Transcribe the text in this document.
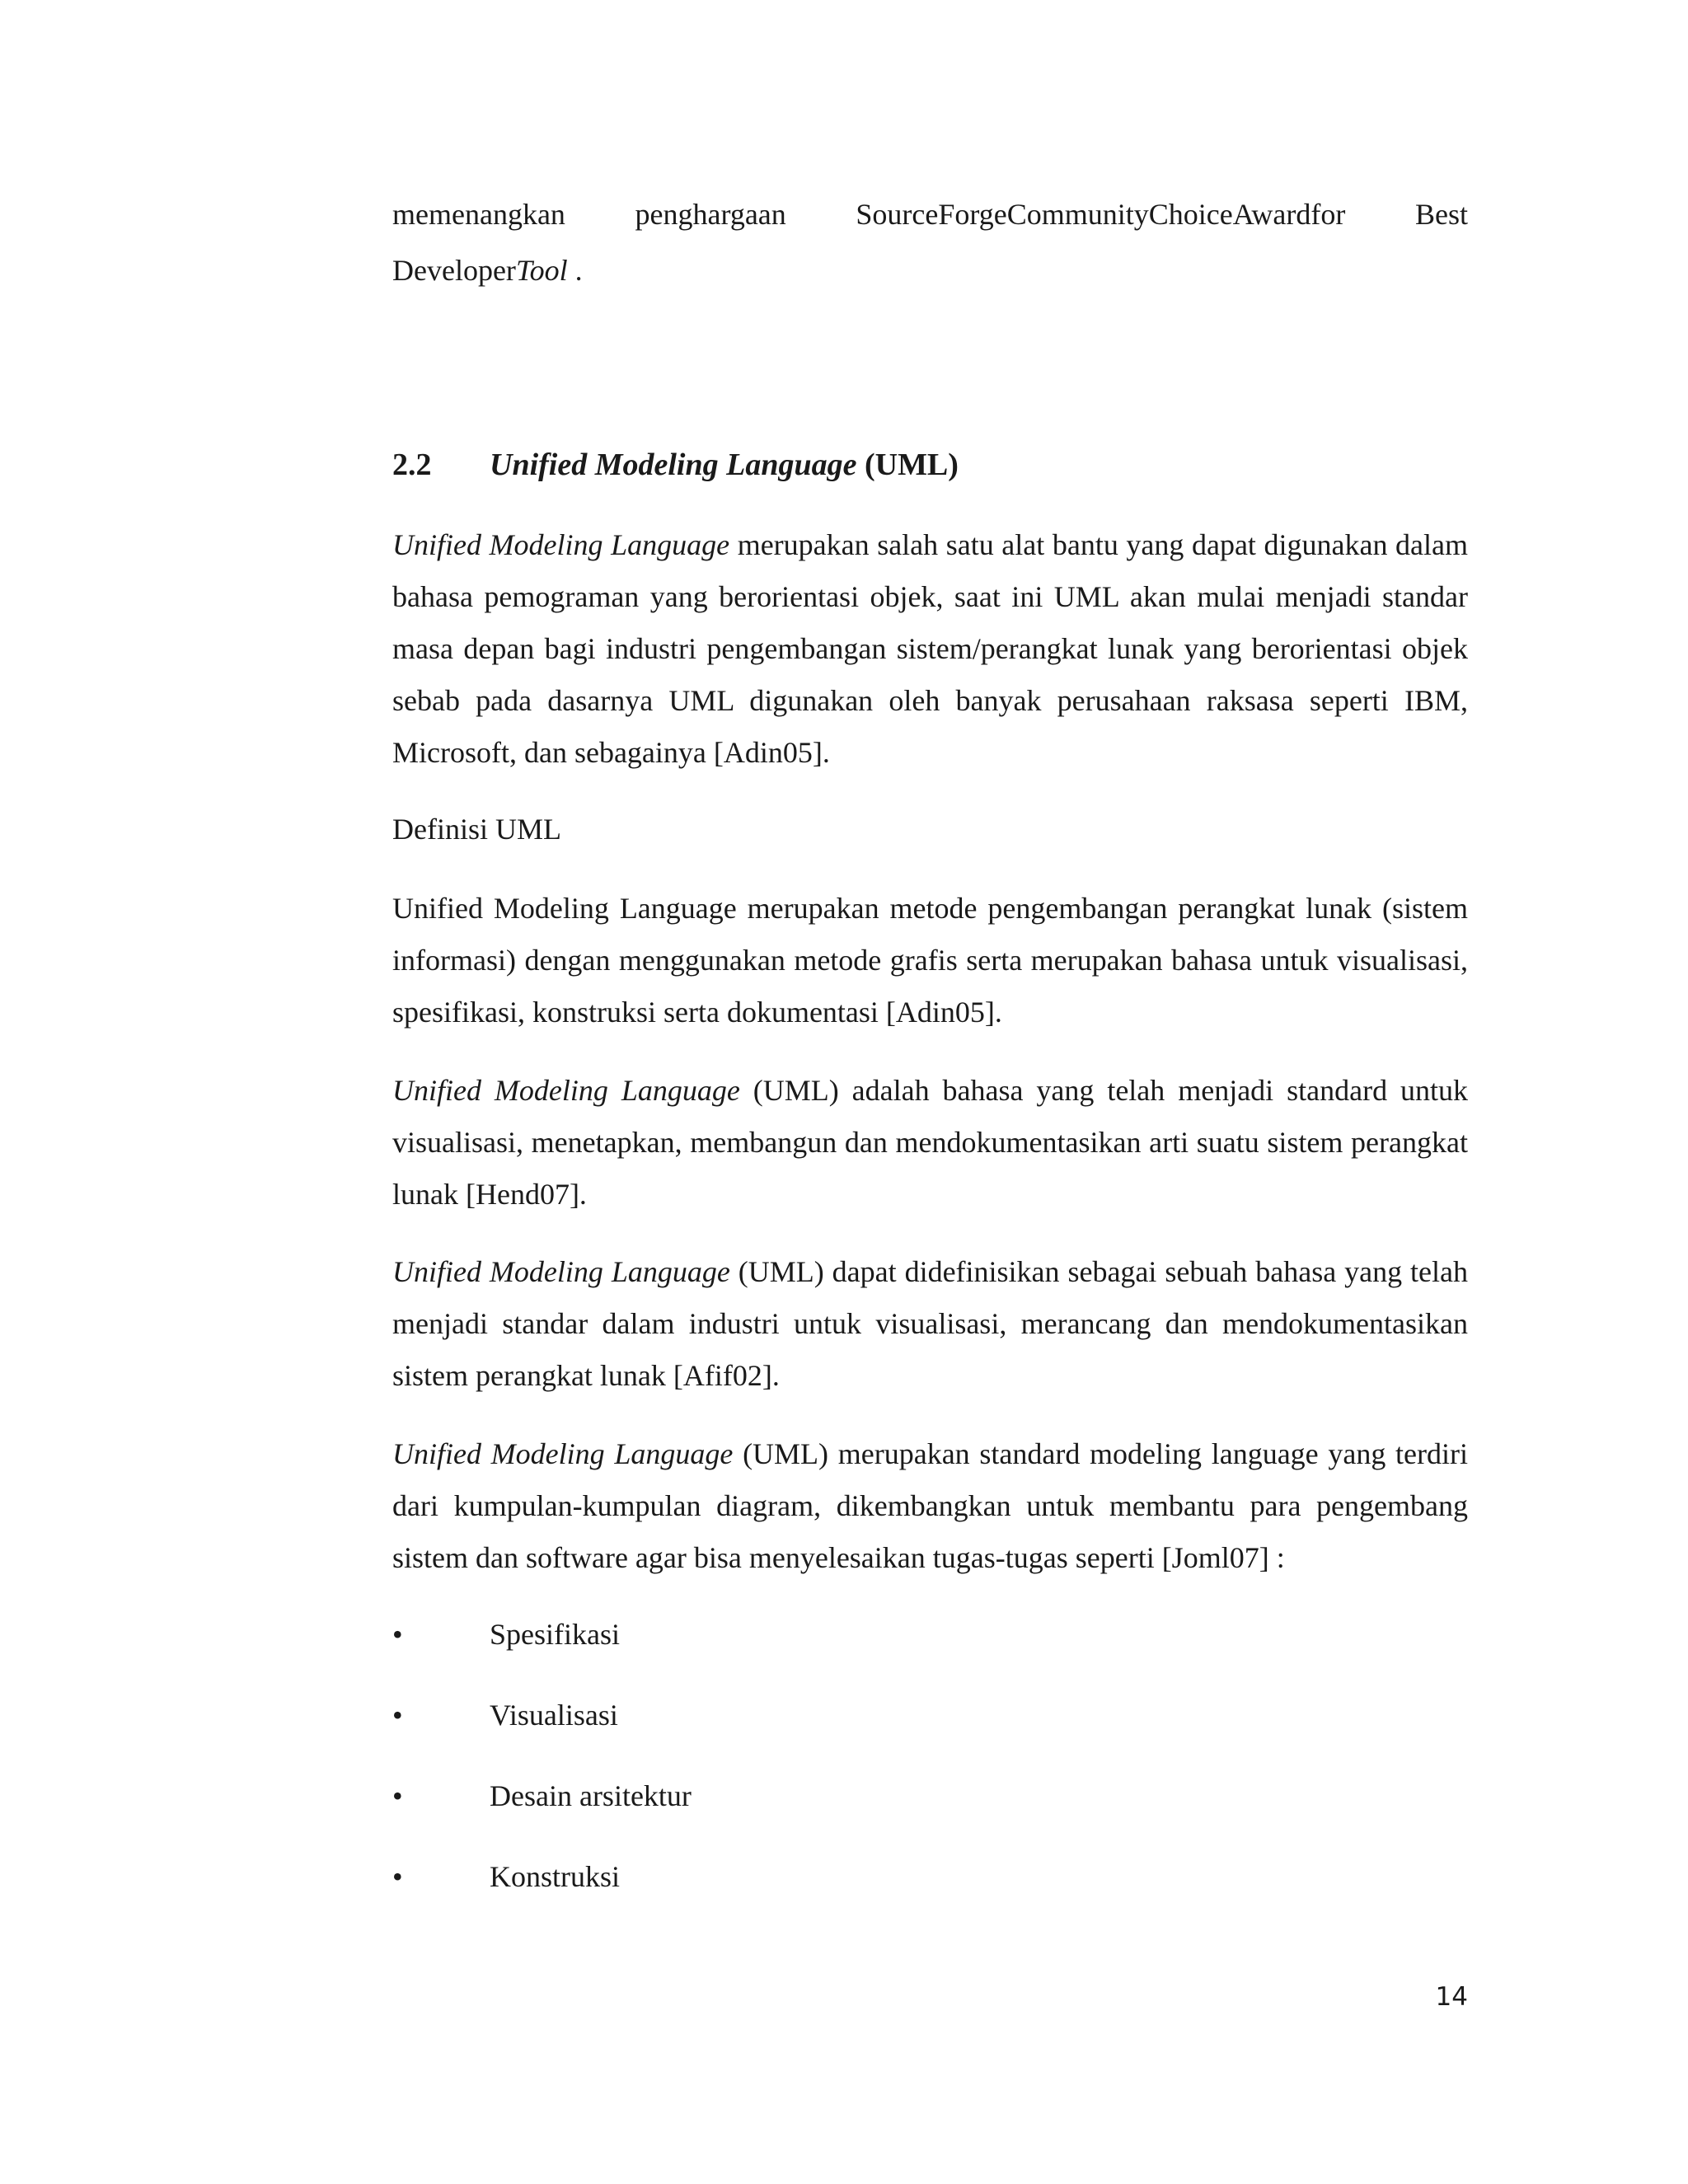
memenangkan penghargaan SourceForgeCommunityChoiceAwardfor Best
DeveloperTool .
2.2 Unified Modeling Language (UML)

Unified Modeling Language merupakan salah satu alat bantu yang dapat digunakan dalam bahasa pemograman yang berorientasi objek, saat ini UML akan mulai menjadi standar masa depan bagi industri pengembangan sistem/perangkat lunak yang berorientasi objek sebab pada dasarnya UML digunakan oleh banyak perusahaan raksasa seperti IBM, Microsoft, dan sebagainya [Adin05].

Definisi UML

Unified Modeling Language merupakan metode pengembangan perangkat lunak (sistem informasi) dengan menggunakan metode grafis serta merupakan bahasa untuk visualisasi, spesifikasi, konstruksi serta dokumentasi [Adin05].

Unified Modeling Language (UML) adalah bahasa yang telah menjadi standard untuk visualisasi, menetapkan, membangun dan mendokumentasikan arti suatu sistem perangkat lunak [Hend07].

Unified Modeling Language (UML) dapat didefinisikan sebagai sebuah bahasa yang telah menjadi standar dalam industri untuk visualisasi, merancang dan mendokumentasikan sistem perangkat lunak [Afif02].

Unified Modeling Language (UML) merupakan standard modeling language yang terdiri dari kumpulan-kumpulan diagram, dikembangkan untuk membantu para pengembang sistem dan software agar bisa menyelesaikan tugas-tugas seperti [Joml07] :

•	Spesifikasi
•	Visualisasi
•	Desain arsitektur
•	Konstruksi
14
